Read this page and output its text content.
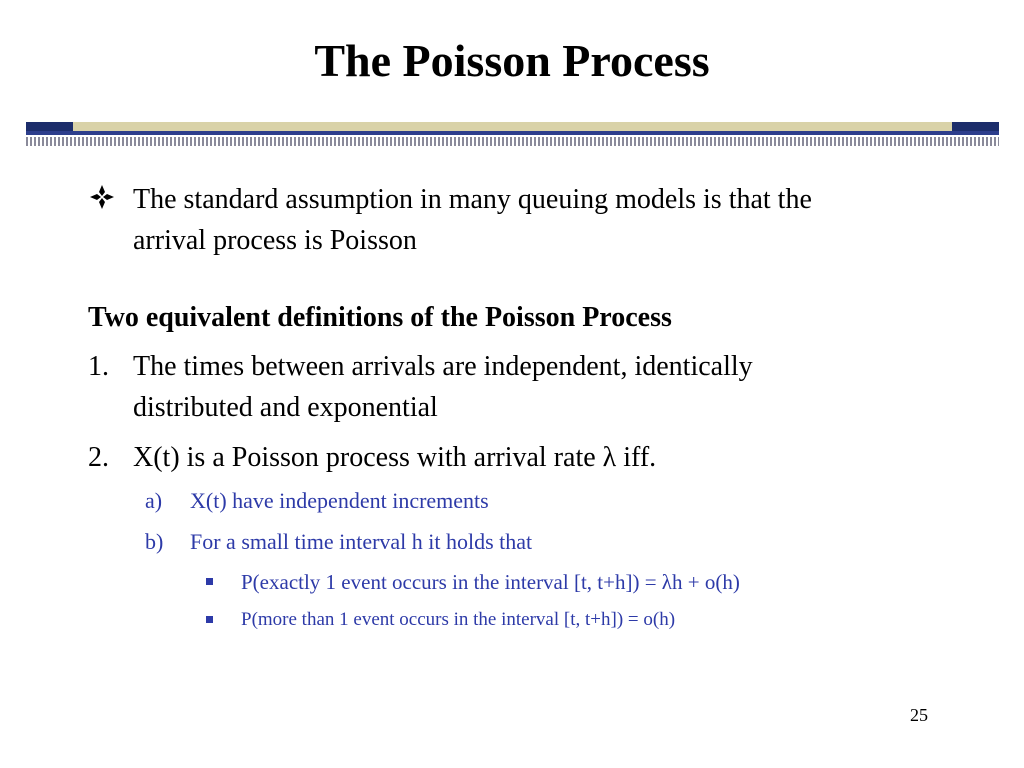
The Poisson Process
The standard assumption in many queuing models is that the
arrival process is Poisson
Two equivalent definitions of the Poisson Process
1. The times between arrivals are independent, identically
distributed and exponential
2. X(t) is a Poisson process with arrival rate λ iff.
a) X(t) have independent increments
b) For a small time interval h it holds that
P(exactly 1 event occurs in the interval [t, t+h]) = λh + o(h)
P(more than 1 event occurs in the interval [t, t+h]) = o(h)
25
